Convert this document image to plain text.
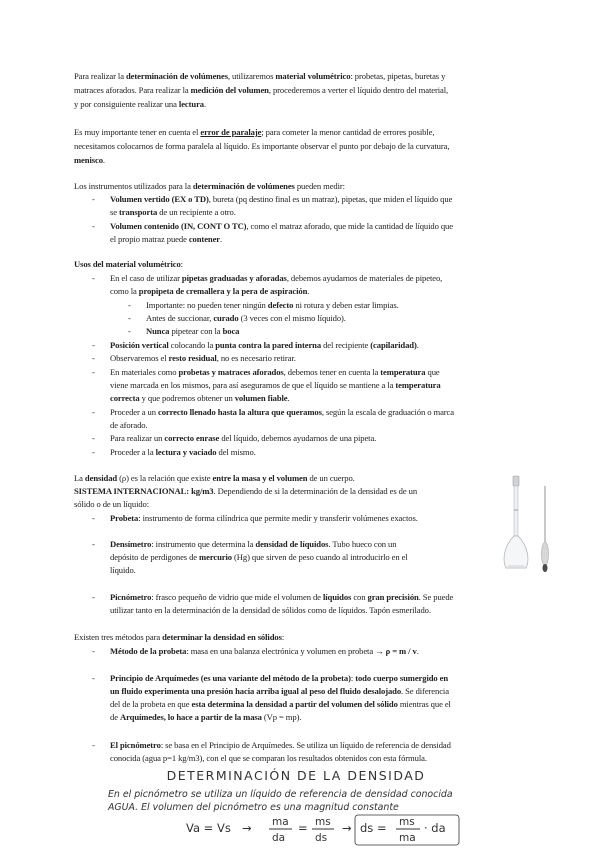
Para realizar la determinación de volúmenes, utilizaremos material volumétrico: probetas, pipetas, buretas y
matraces aforados. Para realizar la medición del volumen, procederemos a verter el líquido dentro del material,
y por consiguiente realizar una lectura.
Es muy importante tener en cuenta el error de paralaje; para cometer la menor cantidad de errores posible,
necesitamos colocarnos de forma paralela al líquido. Es importante observar el punto por debajo de la curvatura,
menisco.
Los instrumentos utilizados para la determinación de volúmenes pueden medir:
- Volumen vertido (EX o TD), bureta (pq destino final es un matraz), pipetas, que miden el líquido que
se transporta de un recipiente a otro.
- Volumen contenido (IN, CONT O TC), como el matraz aforado, que mide la cantidad de líquido que
el propio matraz puede contener.
Usos del material volumétrico:
- En el caso de utilizar pipetas graduadas y aforadas, debemos ayudarnos de materiales de pipeteo,
como la propipeta de cremallera y la pera de aspiración.
- Importante: no pueden tener ningún defecto ni rotura y deben estar limpias.
- Antes de succionar, curado (3 veces con el mismo líquido).
- Nunca pipetear con la boca
- Posición vertical colocando la punta contra la pared interna del recipiente (capilaridad).
- Observaremos el resto residual, no es necesario retirar.
- En materiales como probetas y matraces aforados, debemos tener en cuenta la temperatura que
viene marcada en los mismos, para así aseguramos de que el líquido se mantiene a la temperatura
correcta y que podremos obtener un volumen fiable.
- Proceder a un correcto llenado hasta la altura que queramos, según la escala de graduación o marca
de aforado.
- Para realizar un correcto enrase del líquido, debemos ayudarnos de una pipeta.
- Proceder a la lectura y vaciado del mismo.
La densidad (ρ) es la relación que existe entre la masa y el volumen de un cuerpo.
SISTEMA INTERNACIONAL: kg/m3. Dependiendo de si la determinación de la densidad es de un
sólido o de un líquido:
- Probeta: instrumento de forma cilíndrica que permite medir y transferir volúmenes exactos.
- Densímetro: instrumento que determina la densidad de líquidos. Tubo hueco con un
depósito de perdigones de mercurio (Hg) que sirven de peso cuando al introducirlo en el
líquido.
- Picnómetro: frasco pequeño de vidrio que mide el volumen de líquidos con gran precisión. Se puede
utilizar tanto en la determinación de la densidad de sólidos como de líquidos. Tapón esmerilado.
Existen tres métodos para determinar la densidad en sólidos:
- Método de la probeta: masa en una balanza electrónica y volumen en probeta → ρ = m / v.
- Principio de Arquímedes (es una variante del método de la probeta): todo cuerpo sumergido en
un fluido experimenta una presión hacia arriba igual al peso del fluido desalojado. Se diferencia
del de la probeta en que esta determina la densidad a partir del volumen del sólido mientras que el
de Arquímedes, lo hace a partir de la masa (Vp = mp).
- El picnómetro: se basa en el Principio de Arquímedes. Se utiliza un líquido de referencia de densidad
conocida (agua p=1 kg/m3), con el que se comparan los resultados obtenidos con esta fórmula.
DETERMINACIÓN DE LA DENSIDAD
En el picnómetro se utiliza un líquido de referencia de densidad conocida
AGUA. El volumen del picnómetro es una magnitud constante
Va = Vs → ma
da
= ms
ds
→ ds = ms
ma
· da
